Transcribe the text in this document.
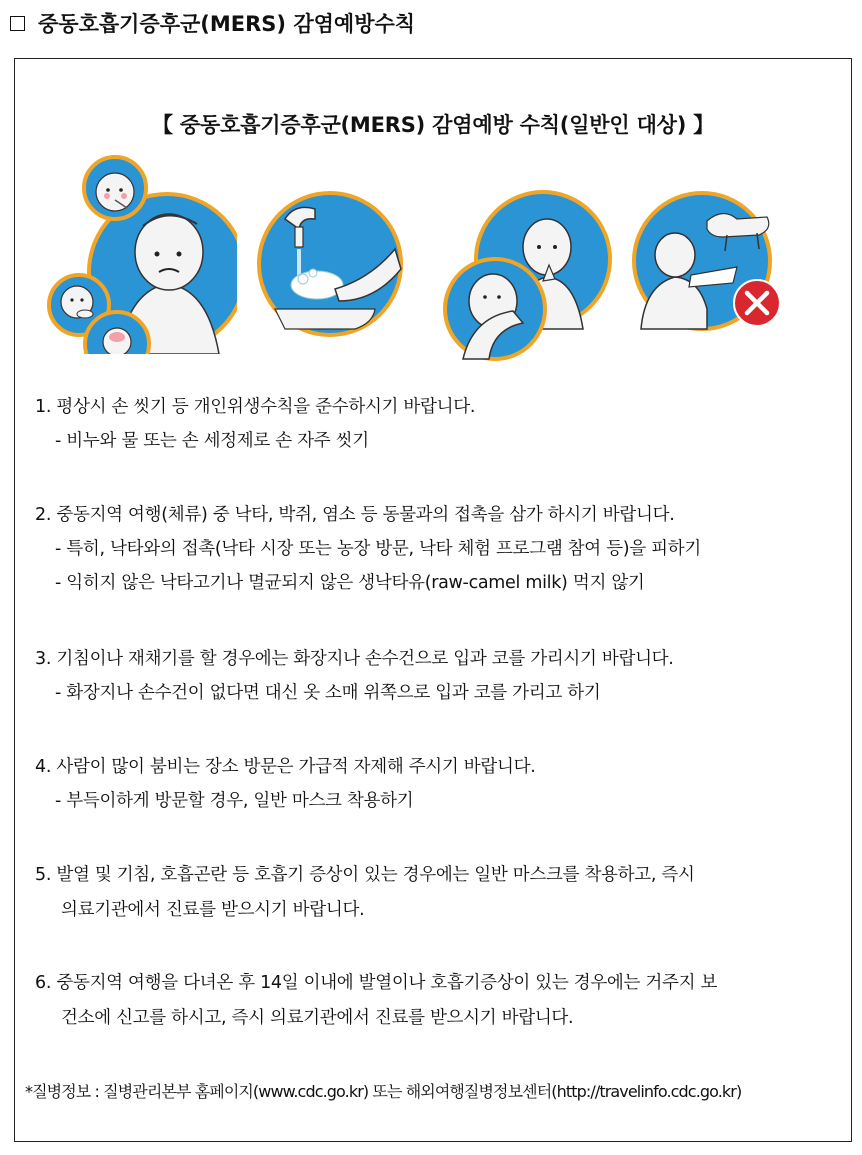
중동호흡기증후군(MERS) 감염예방수칙
【 중동호흡기증후군(MERS) 감염예방 수칙(일반인 대상) 】
1. 평상시 손 씻기 등 개인위생수칙을 준수하시기 바랍니다.
- 비누와 물 또는 손 세정제로 손 자주 씻기
2. 중동지역 여행(체류) 중 낙타, 박쥐, 염소 등 동물과의 접촉을 삼가 하시기 바랍니다.
- 특히, 낙타와의 접촉(낙타 시장 또는 농장 방문, 낙타 체험 프로그램 참여 등)을 피하기
- 익히지 않은 낙타고기나 멸균되지 않은 생낙타유(raw-camel milk) 먹지 않기
3. 기침이나 재채기를 할 경우에는 화장지나 손수건으로 입과 코를 가리시기 바랍니다.
- 화장지나 손수건이 없다면 대신 옷 소매 위쪽으로 입과 코를 가리고 하기
4. 사람이 많이 붐비는 장소 방문은 가급적 자제해 주시기 바랍니다.
- 부득이하게 방문할 경우, 일반 마스크 착용하기
5. 발열 및 기침, 호흡곤란 등 호흡기 증상이 있는 경우에는 일반 마스크를 착용하고, 즉시
의료기관에서 진료를 받으시기 바랍니다.
6. 중동지역 여행을 다녀온 후 14일 이내에 발열이나 호흡기증상이 있는 경우에는 거주지 보
건소에 신고를 하시고, 즉시 의료기관에서 진료를 받으시기 바랍니다.
*질병정보 : 질병관리본부 홈페이지(www.cdc.go.kr) 또는 해외여행질병정보센터(http://travelinfo.cdc.go.kr)
